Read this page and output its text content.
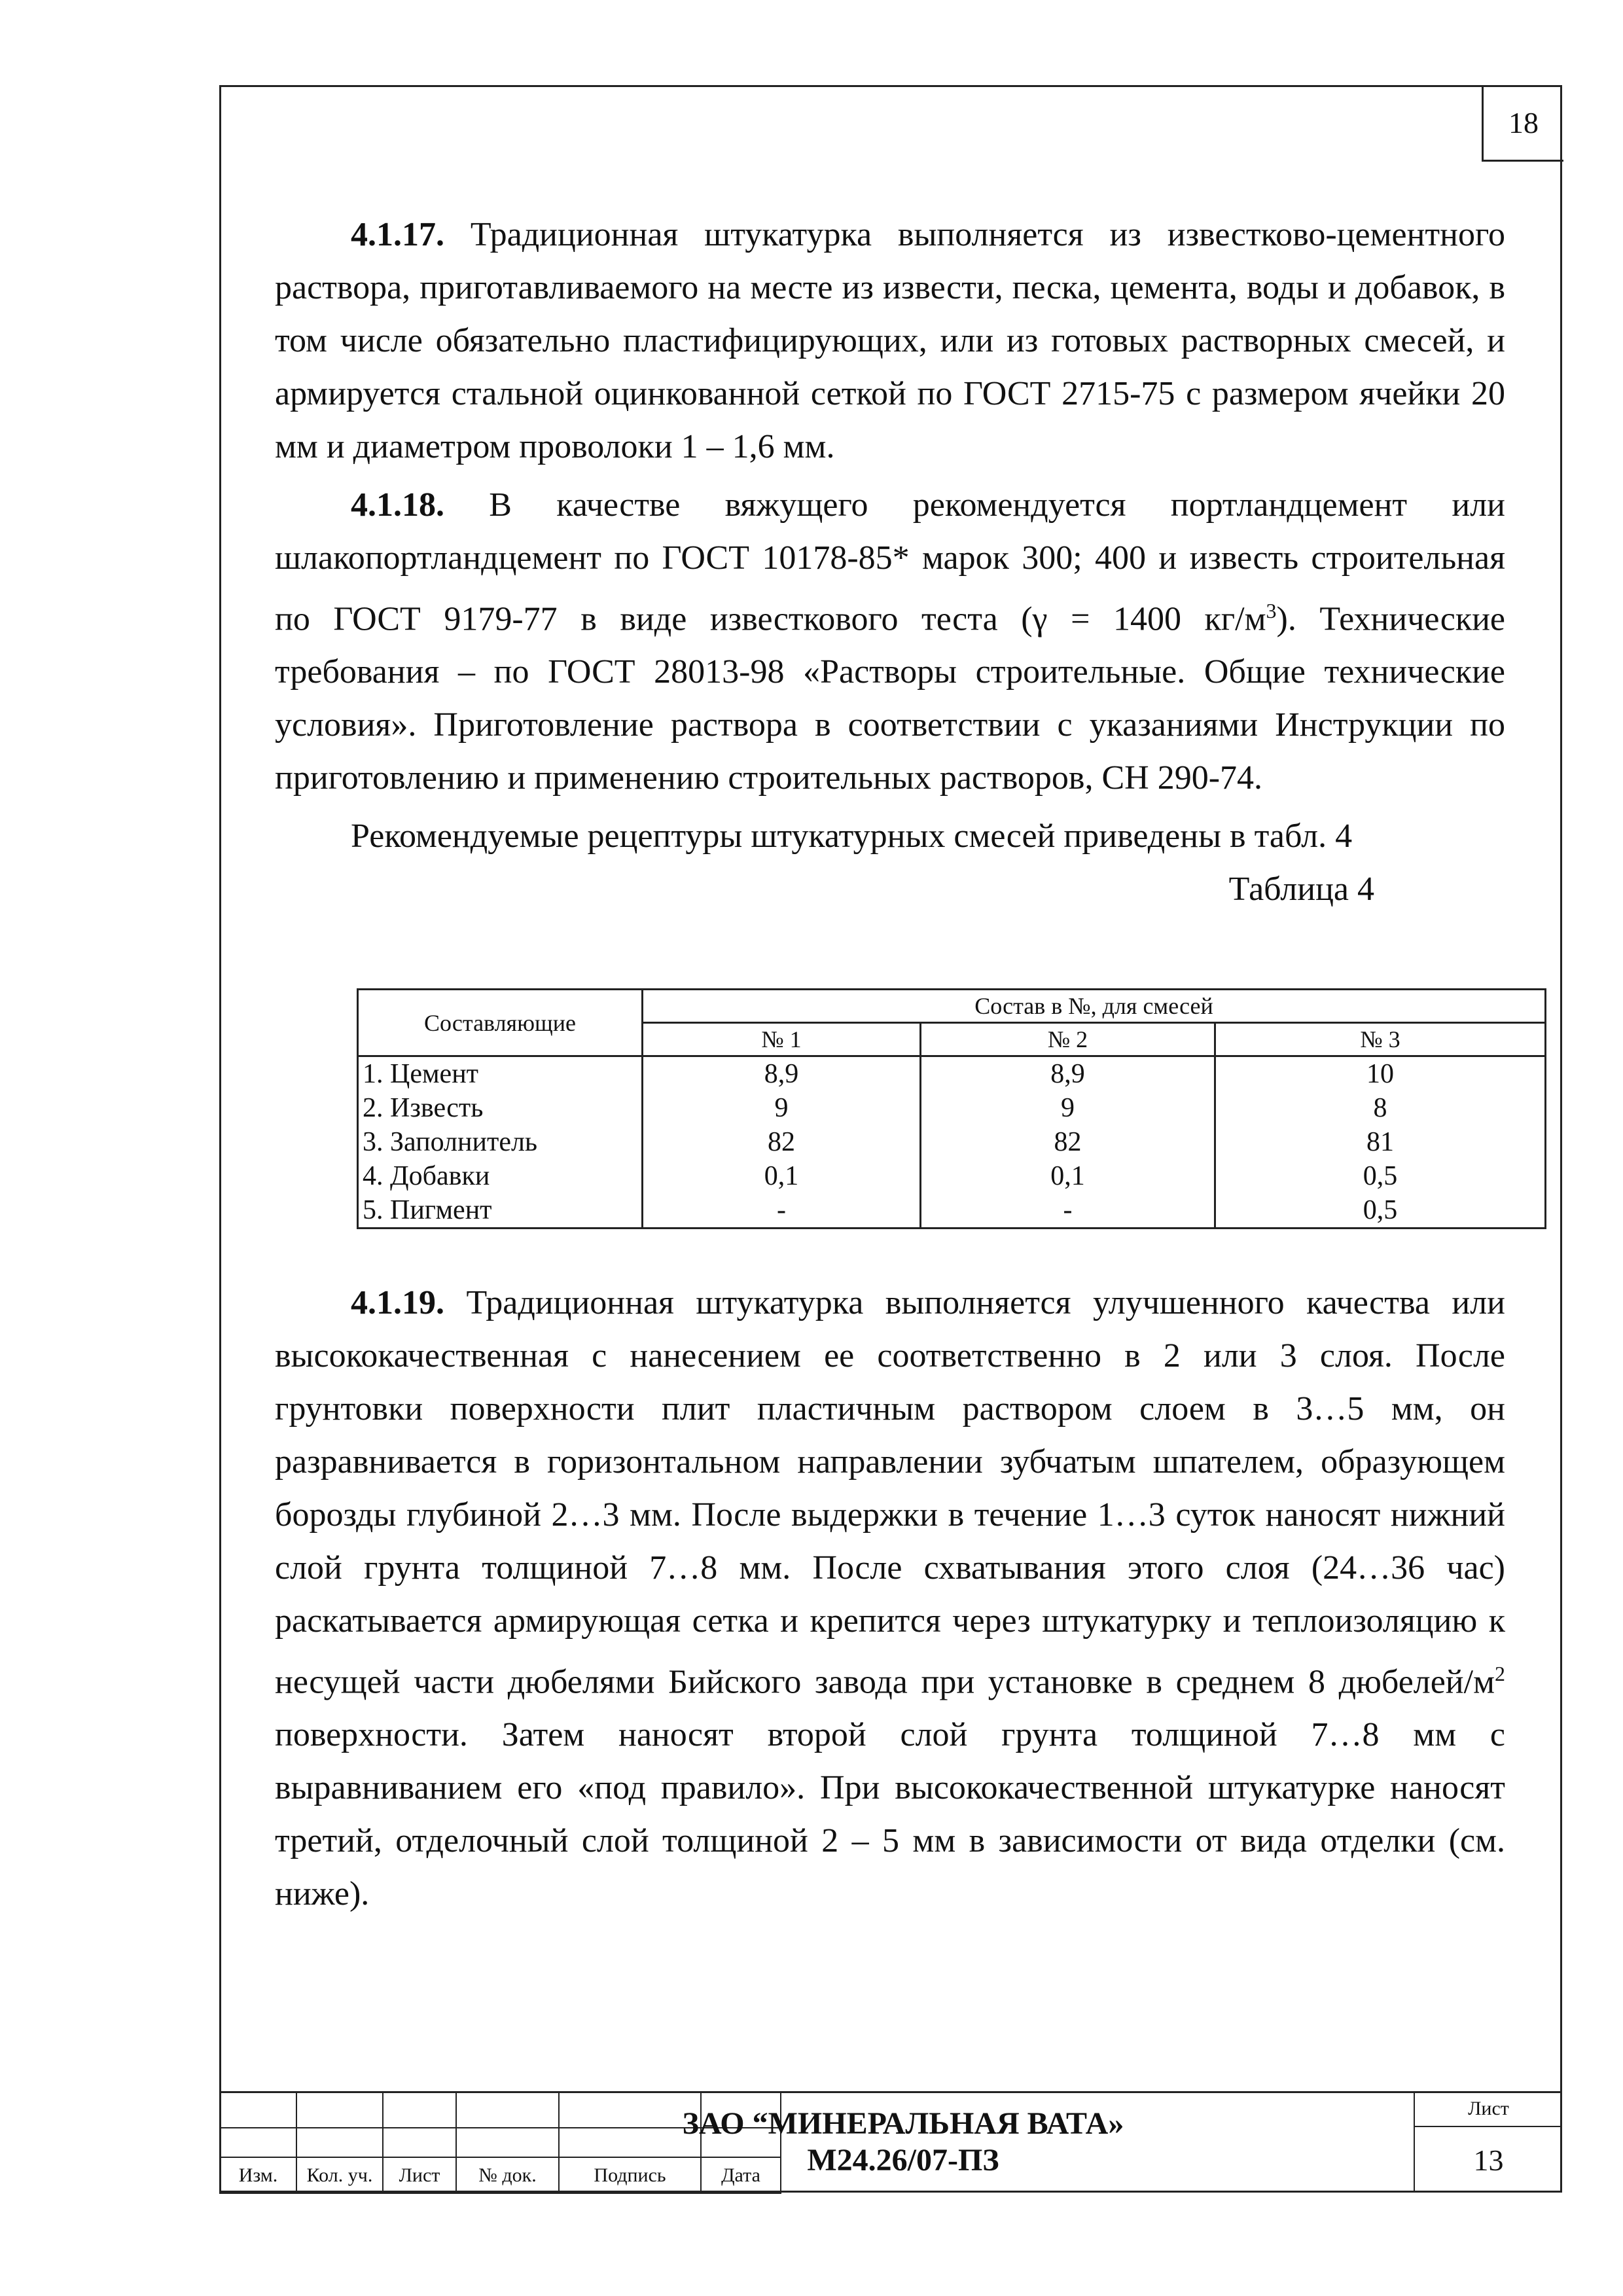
18

4.1.17. Традиционная штукатурка выполняется из известково-цементного раствора, приготавливаемого на месте из извести, песка, цемента, воды и добавок, в том числе обязательно пластифицирующих, или из готовых растворных смесей, и армируется стальной оцинкованной сеткой по ГОСТ 2715-75 с размером ячейки 20 мм и диаметром проволоки 1 – 1,6 мм.

4.1.18. В качестве вяжущего рекомендуется портландцемент или шлакопортландцемент по ГОСТ 10178-85* марок 300; 400 и известь строительная по ГОСТ 9179-77 в виде известкового теста (γ = 1400 $кг/м^3$). Технические требования – по ГОСТ 28013-98 «Растворы строительные. Общие технические условия». Приготовление раствора в соответствии с указаниями Инструкции по приготовлению и применению строительных растворов, СН 290-74.

Рекомендуемые рецептуры штукатурных смесей приведены в табл. 4

Таблица 4

Составляющие	Состав в №, для смесей		
	№ 1	№ 2	№ 3
1. Цемент	8,9	8,9	10
2. Известь	9	9	8
3. Заполнитель	82	82	81
4. Добавки	0,1	0,1	0,5
5. Пигмент	-	-	0,5

4.1.19. Традиционная штукатурка выполняется улучшенного качества или высококачественная с нанесением ее соответственно в 2 или 3 слоя. После грунтовки поверхности плит пластичным раствором слоем в 3…5 мм, он разравнивается в горизонтальном направлении зубчатым шпателем, образующем борозды глубиной 2…3 мм. После выдержки в течение 1…3 суток наносят нижний слой грунта толщиной 7…8 мм. После схватывания этого слоя (24…36 час) раскатывается армирующая сетка и крепится через штукатурку и теплоизоляцию к несущей части дюбелями Бийского завода при установке в среднем 8 дюбелей/$м^2$ поверхности. Затем наносят второй слой грунта толщиной 7…8 мм с выравниванием его «под правило». При высококачественной штукатурке наносят третий, отделочный слой толщиной 2 – 5 мм в зависимости от вида отделки (см. ниже).

Изм.	Кол. уч.	Лист	№ док.	Подпись	Дата
ЗАО “МИНЕРАЛЬНАЯ ВАТА»
М24.26/07-ПЗ
Лист
13
